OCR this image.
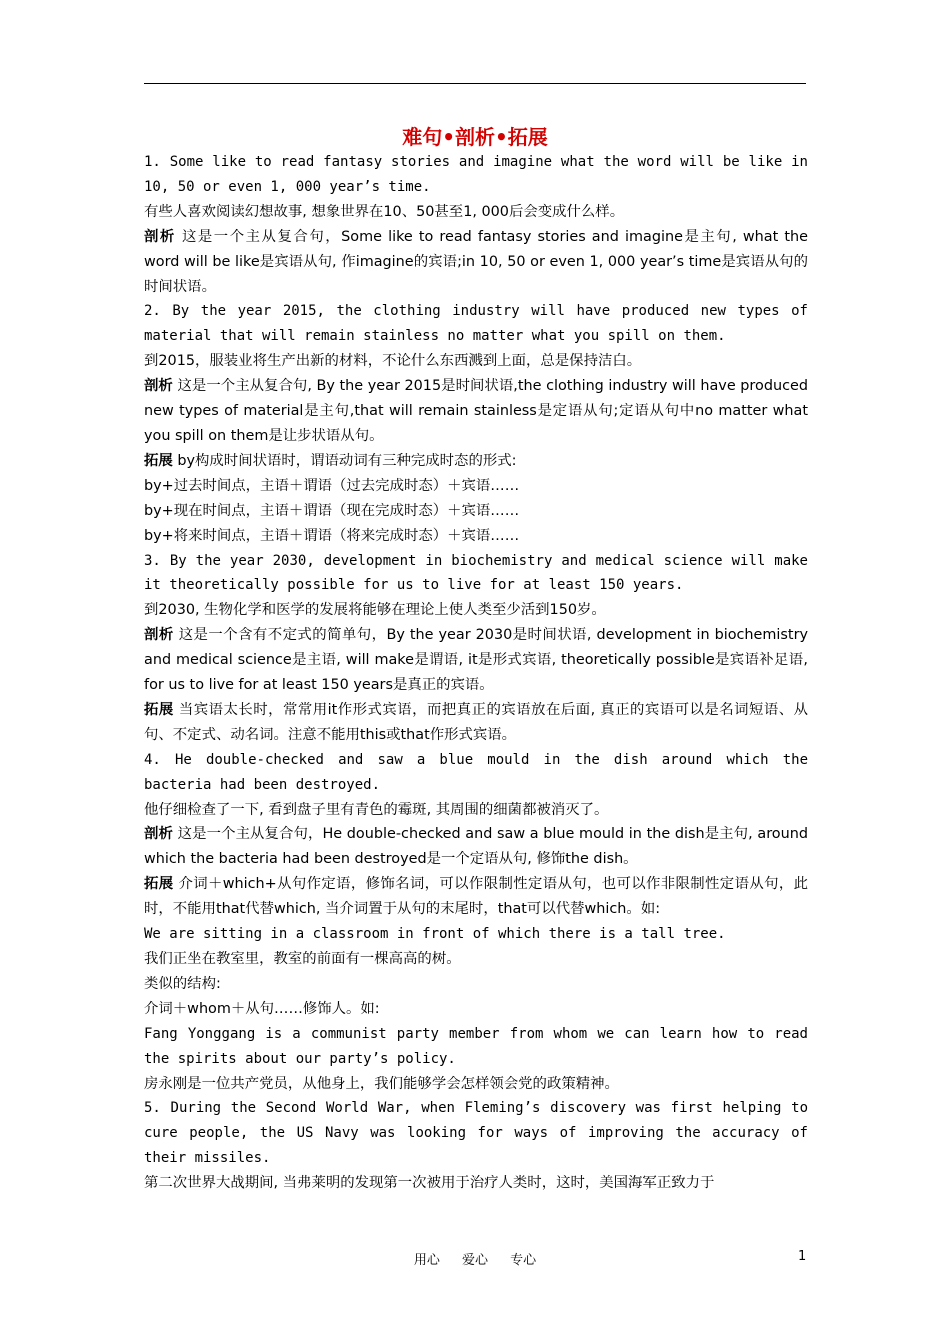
难句•剖析•拓展

1. Some like to read fantasy stories and imagine what the word will be like in 10, 50 or even 1, 000 year’s time.

有些人喜欢阅读幻想故事, 想象世界在10、50甚至1, 000后会变成什么样。

剖析 这是一个主从复合句，Some like to read fantasy stories and imagine是主句, what the word will be like是宾语从句, 作imagine的宾语;in 10, 50 or even 1, 000 year’s time是宾语从句的时间状语。

2. By the year 2015, the clothing industry will have produced new types of material that will remain stainless no matter what you spill on them.

到2015，服装业将生产出新的材料，不论什么东西溅到上面，总是保持洁白。

剖析 这是一个主从复合句, By the year 2015是时间状语,the clothing industry will have produced new types of material是主句,that will remain stainless是定语从句;定语从句中no matter what you spill on them是让步状语从句。

拓展 by构成时间状语时，谓语动词有三种完成时态的形式:

by+过去时间点，主语＋谓语（过去完成时态）＋宾语……

by+现在时间点，主语＋谓语（现在完成时态）＋宾语……

by+将来时间点，主语＋谓语（将来完成时态）＋宾语……

3. By the year 2030, development in biochemistry and medical science will make it theoretically possible for us to live for at least 150 years.

到2030, 生物化学和医学的发展将能够在理论上使人类至少活到150岁。

剖析 这是一个含有不定式的简单句，By the year 2030是时间状语, development in biochemistry and medical science是主语, will make是谓语, it是形式宾语, theoretically possible是宾语补足语, for us to live for at least 150 years是真正的宾语。

拓展 当宾语太长时，常常用it作形式宾语，而把真正的宾语放在后面, 真正的宾语可以是名词短语、从句、不定式、动名词。注意不能用this或that作形式宾语。

4. He double-checked and saw a blue mould in the dish around which the bacteria had been destroyed.

他仔细检查了一下, 看到盘子里有青色的霉斑, 其周围的细菌都被消灭了。

剖析 这是一个主从复合句，He double-checked and saw a blue mould in the dish是主句, around which the bacteria had been destroyed是一个定语从句, 修饰the dish。

拓展 介词＋which+从句作定语，修饰名词，可以作限制性定语从句，也可以作非限制性定语从句，此时，不能用that代替which, 当介词置于从句的末尾时，that可以代替which。如:

We are sitting in a classroom in front of which there is a tall tree.

我们正坐在教室里，教室的前面有一棵高高的树。

类似的结构:

介词＋whom＋从句……修饰人。如:

Fang Yonggang is a communist party member from whom we can learn how to read the spirits about our party’s policy.

房永刚是一位共产党员，从他身上，我们能够学会怎样领会党的政策精神。

5. During the Second World War, when Fleming’s discovery was first helping to cure people, the US Navy was looking for ways of improving the accuracy of their missiles.

第二次世界大战期间, 当弗莱明的发现第一次被用于治疗人类时，这时，美国海军正致力于

用心 爱心 专心	1
